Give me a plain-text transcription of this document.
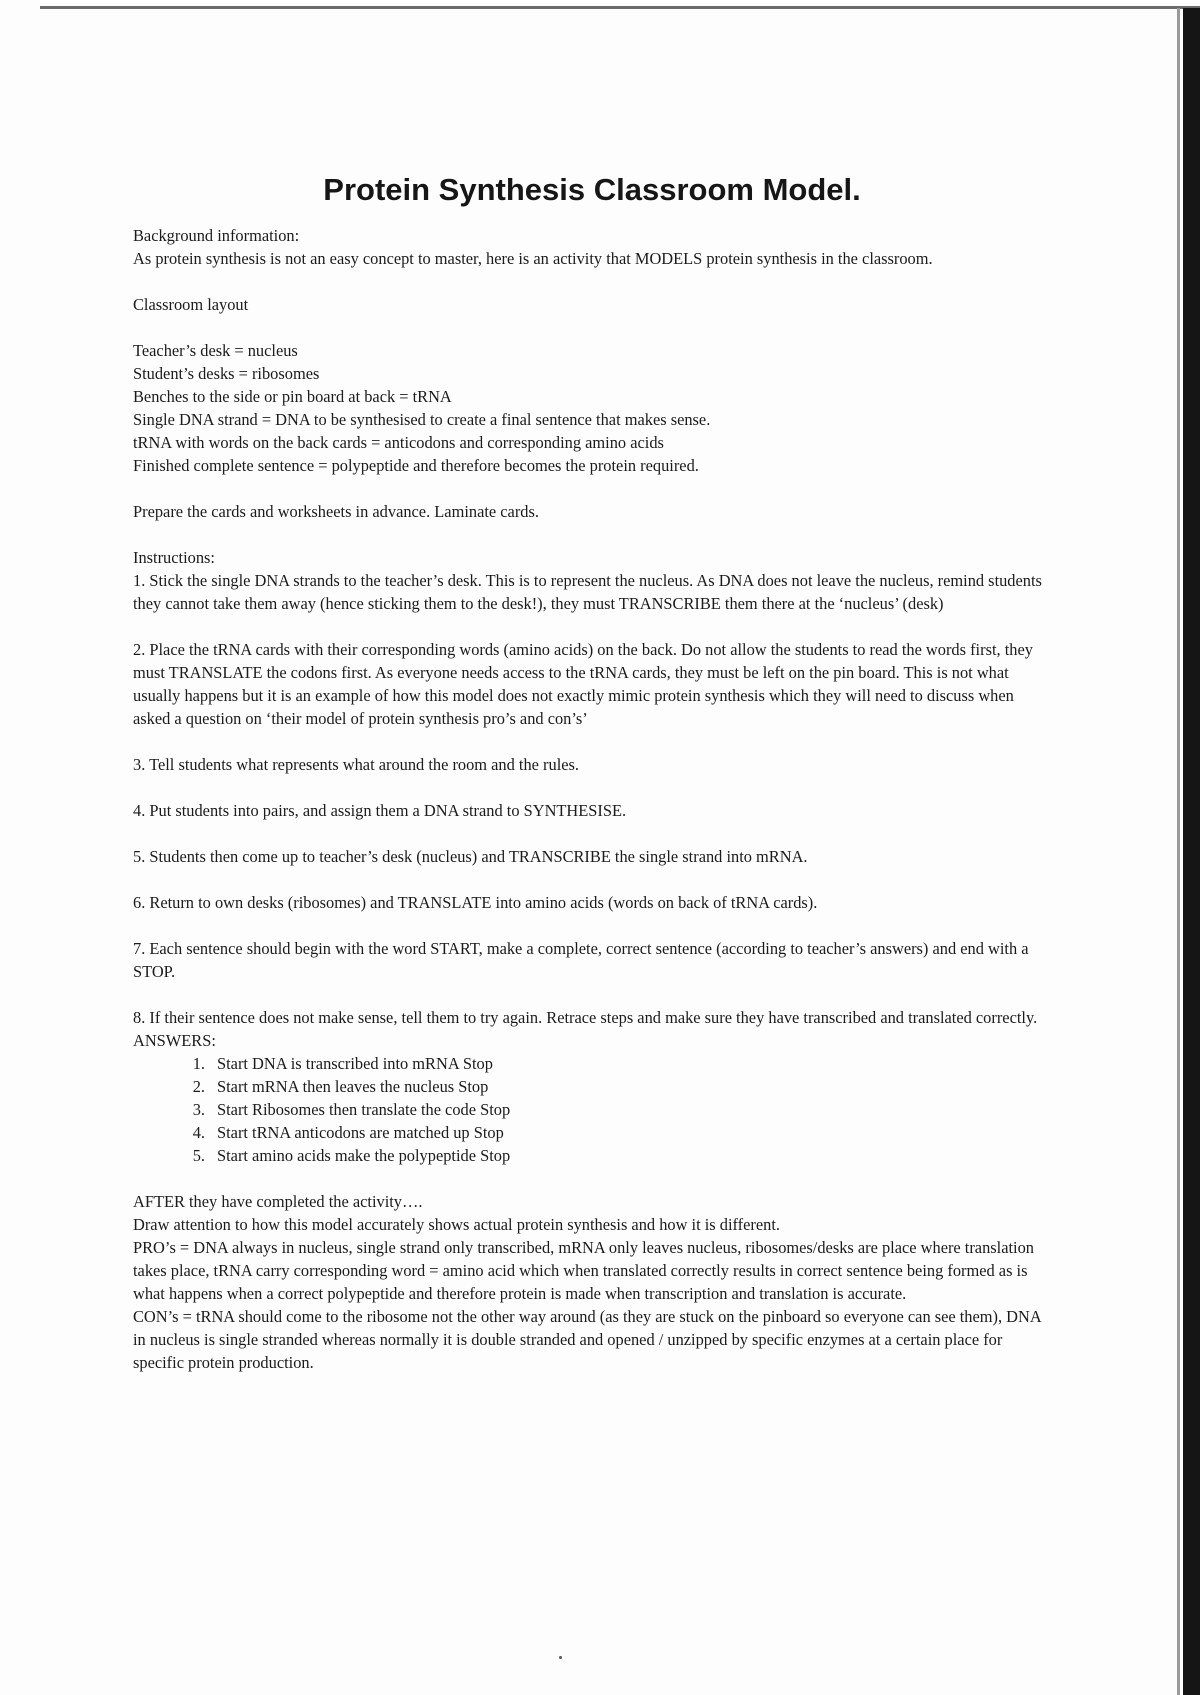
Protein Synthesis Classroom Model.

Background information:

As protein synthesis is not an easy concept to master, here is an activity that MODELS protein synthesis in the classroom.

Classroom layout

Teacher’s desk = nucleus

Student’s desks = ribosomes

Benches to the side or pin board at back = tRNA

Single DNA strand = DNA to be synthesised to create a final sentence that makes sense.

tRNA with words on the back cards = anticodons and corresponding amino acids

Finished complete sentence = polypeptide and therefore becomes the protein required.

Prepare the cards and worksheets in advance. Laminate cards.

Instructions:

1. Stick the single DNA strands to the teacher’s desk. This is to represent the nucleus. As DNA does not leave the nucleus, remind students they cannot take them away (hence sticking them to the desk!), they must TRANSCRIBE them there at the ‘nucleus’ (desk)

2. Place the tRNA cards with their corresponding words (amino acids) on the back. Do not allow the students to read the words first, they must TRANSLATE the codons first. As everyone needs access to the tRNA cards, they must be left on the pin board. This is not what usually happens but it is an example of how this model does not exactly mimic protein synthesis which they will need to discuss when asked a question on ‘their model of protein synthesis pro’s and con’s’

3. Tell students what represents what around the room and the rules.

4. Put students into pairs, and assign them a DNA strand to SYNTHESISE.

5. Students then come up to teacher’s desk (nucleus) and TRANSCRIBE the single strand into mRNA.

6. Return to own desks (ribosomes) and TRANSLATE into amino acids (words on back of tRNA cards).

7. Each sentence should begin with the word START, make a complete, correct sentence (according to teacher’s answers) and end with a STOP.

8. If their sentence does not make sense, tell them to try again. Retrace steps and make sure they have transcribed and translated correctly.

ANSWERS:

1. Start DNA is transcribed into mRNA Stop
2. Start mRNA then leaves the nucleus Stop
3. Start Ribosomes then translate the code Stop
4. Start tRNA anticodons are matched up Stop
5. Start amino acids make the polypeptide Stop

AFTER they have completed the activity….

Draw attention to how this model accurately shows actual protein synthesis and how it is different.

PRO’s = DNA always in nucleus, single strand only transcribed, mRNA only leaves nucleus, ribosomes/desks are place where translation takes place, tRNA carry corresponding word = amino acid which when translated correctly results in correct sentence being formed as is what happens when a correct polypeptide and therefore protein is made when transcription and translation is accurate.

CON’s = tRNA should come to the ribosome not the other way around (as they are stuck on the pinboard so everyone can see them), DNA in nucleus is single stranded whereas normally it is double stranded and opened / unzipped by specific enzymes at a certain place for specific protein production.
